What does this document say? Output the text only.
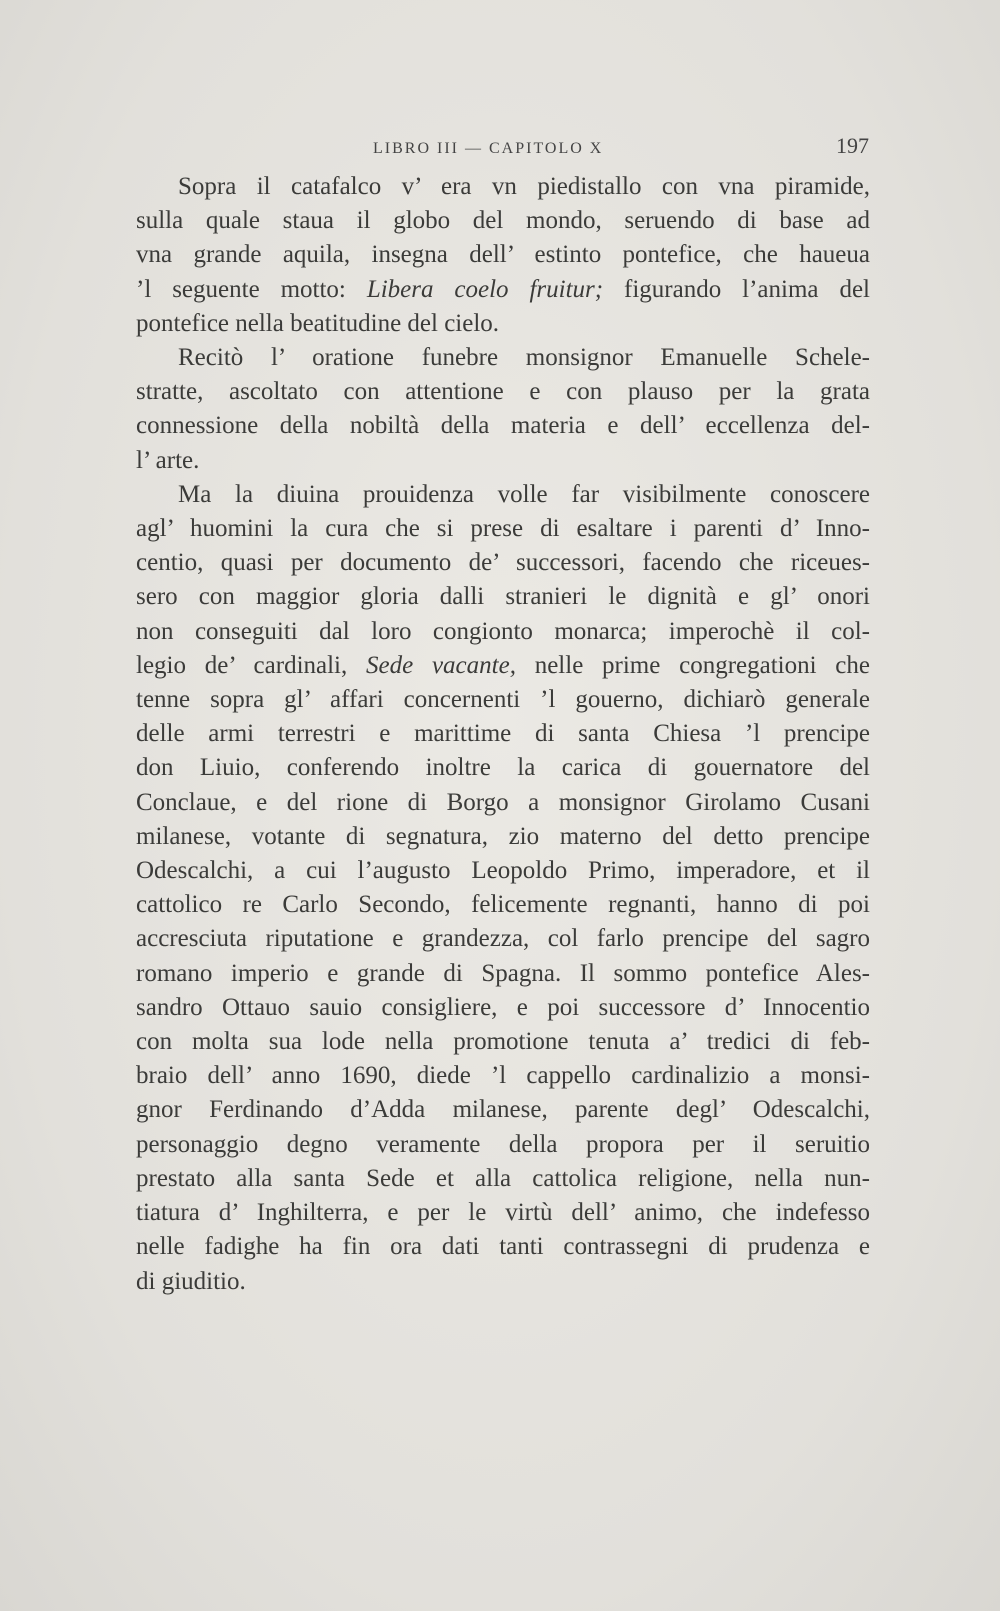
LIBRO III — CAPITOLO X	197
Sopra il catafalco v’ era vn piedistallo con vna piramide,
sulla quale staua il globo del mondo, seruendo di base ad
vna grande aquila, insegna dell’ estinto pontefice, che haueua
’l seguente motto: Libera coelo fruitur; figurando l’anima del
pontefice nella beatitudine del cielo.
Recitò l’ oratione funebre monsignor Emanuelle Schele-
stratte, ascoltato con attentione e con plauso per la grata
connessione della nobiltà della materia e dell’ eccellenza del-
l’ arte.
Ma la diuina prouidenza volle far visibilmente conoscere
agl’ huomini la cura che si prese di esaltare i parenti d’ Inno-
centio, quasi per documento de’ successori, facendo che riceues-
sero con maggior gloria dalli stranieri le dignità e gl’ onori
non conseguiti dal loro congionto monarca; imperochè il col-
legio de’ cardinali, Sede vacante, nelle prime congregationi che
tenne sopra gl’ affari concernenti ’l gouerno, dichiarò generale
delle armi terrestri e marittime di santa Chiesa ’l prencipe
don Liuio, conferendo inoltre la carica di gouernatore del
Conclaue, e del rione di Borgo a monsignor Girolamo Cusani
milanese, votante di segnatura, zio materno del detto prencipe
Odescalchi, a cui l’augusto Leopoldo Primo, imperadore, et il
cattolico re Carlo Secondo, felicemente regnanti, hanno di poi
accresciuta riputatione e grandezza, col farlo prencipe del sagro
romano imperio e grande di Spagna. Il sommo pontefice Ales-
sandro Ottauo sauio consigliere, e poi successore d’ Innocentio
con molta sua lode nella promotione tenuta a’ tredici di feb-
braio dell’ anno 1690, diede ’l cappello cardinalizio a monsi-
gnor Ferdinando d’Adda milanese, parente degl’ Odescalchi,
personaggio degno veramente della propora per il seruitio
prestato alla santa Sede et alla cattolica religione, nella nun-
tiatura d’ Inghilterra, e per le virtù dell’ animo, che indefesso
nelle fadighe ha fin ora dati tanti contrassegni di prudenza e
di giuditio.
